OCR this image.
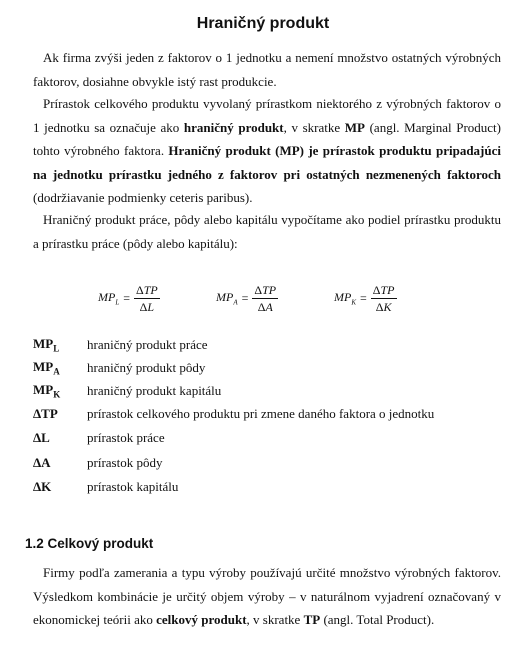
Hraničný produkt

Ak firma zvýši jeden z faktorov o 1 jednotku a nemení množstvo ostatných výrobných faktorov, dosiahne obvykle istý rast produkcie.

Prírastok celkového produktu vyvolaný prírastkom niektorého z výrobných faktorov o 1 jednotku sa označuje ako hraničný produkt, v skratke MP (angl. Marginal Product) tohto výrobného faktora. Hraničný produkt (MP) je prírastok produktu pripadajúci na jednotku prírastku jedného z faktorov pri ostatných nezmenených faktoroch (dodržiavanie podmienky ceteris paribus).

Hraničný produkt práce, pôdy alebo kapitálu vypočítame ako podiel prírastku produktu a prírastku práce (pôdy alebo kapitálu):

$MP_L = \frac{\text{ΔTP}}{\Delta L}$	$MP_A = \frac{\text{ΔTP}}{\Delta A}$	$MP_K = \frac{\text{ΔTP}}{\Delta K}$
$MP_L$	hraničný produkt práce
$MP_A$	hraničný produkt pôdy
$MP_K$	hraničný produkt kapitálu
ΔTP	prírastok celkového produktu pri zmene daného faktora o jednotku
ΔL	prírastok práce
ΔA	prírastok pôdy
ΔK	prírastok kapitálu
1.2 Celkový produkt

Firmy podľa zamerania a typu výroby používajú určité množstvo výrobných faktorov. Výsledkom kombinácie je určitý objem výroby – v naturálnom vyjadrení označovaný v ekonomickej teórii ako celkový produkt, v skratke TP (angl. Total Product).
